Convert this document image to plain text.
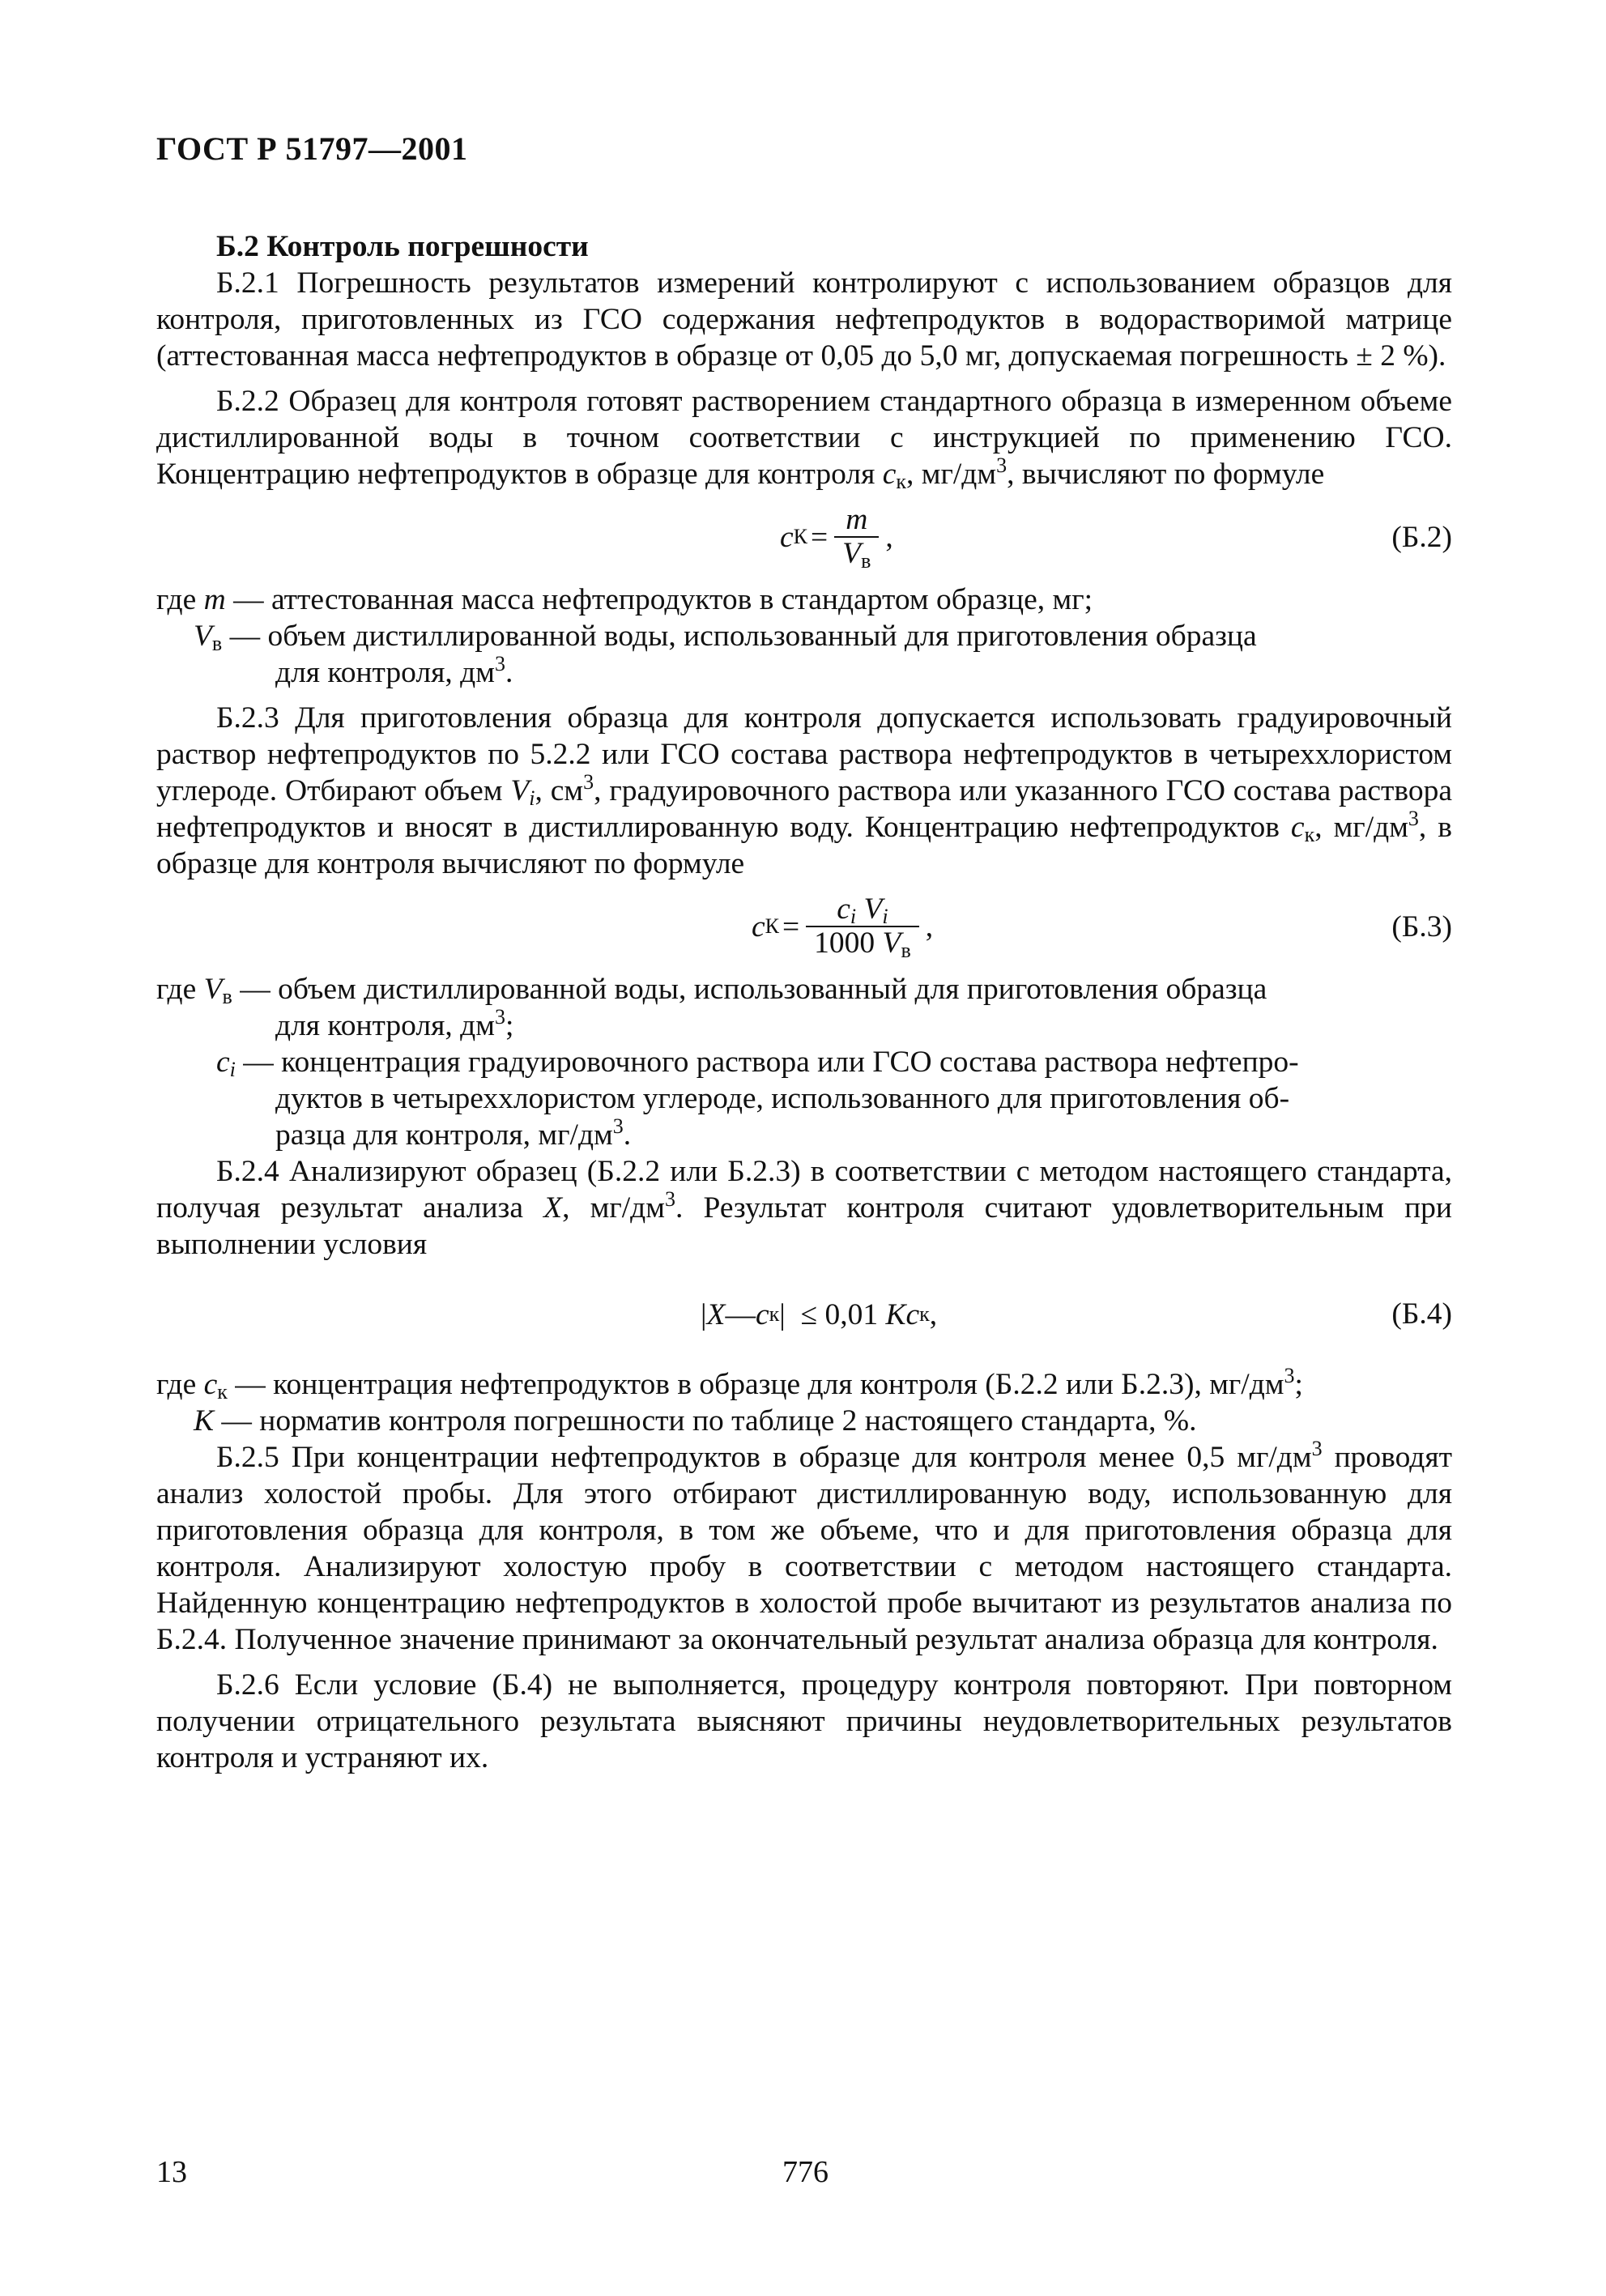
ГОСТ Р 51797—2001

Б.2 Контроль погрешности

Б.2.1 Погрешность результатов измерений контролируют с использованием образцов для контроля, приготовленных из ГСО содержания нефтепродуктов в водорастворимой матрице (аттестованная масса нефтепродуктов в образце от 0,05 до 5,0 мг, допускаемая погрешность ± 2 %).

Б.2.2 Образец для контроля готовят растворением стандартного образца в измеренном объеме дистиллированной воды в точном соответствии с инструкцией по применению ГСО. Концентрацию нефтепродуктов в образце для контроля $c_к$, $мг/дм^3$, вычисляют по формуле

c $К = \frac{m}{V_в}$ ,	(Б.2)

где m — аттестованная масса нефтепродуктов в стандартом образце, мг;

$V_в$ — объем дистиллированной воды, использованный для приготовления образца

для контроля, $дм^3$.

Б.2.3 Для приготовления образца для контроля допускается использовать градуировочный раствор нефтепродуктов по 5.2.2 или ГСО состава раствора нефтепродуктов в четыреххлористом углероде. Отбирают объем $V_i$, $см^3$, градуировочного раствора или указанного ГСО состава раствора нефтепродуктов и вносят в дистиллированную воду. Концентрацию нефтепродуктов $c_к$, $мг/дм^3$, в образце для контроля вычисляют по формуле

c $К = \frac{c_i V_i}{1000 V_в}$ ,	(Б.3)

где $V_в$ — объем дистиллированной воды, использованный для приготовления образца

для контроля, $дм^3$;

$c_i$ — концентрация градуировочного раствора или ГСО состава раствора нефтепро-

дуктов в четыреххлористом углероде, использованного для приготовления об-

разца для контроля, $мг/дм^3$.

Б.2.4 Анализируют образец (Б.2.2 или Б.2.3) в соответствии с методом настоящего стандарта, получая результат анализа X, $мг/дм^3$. Результат контроля считают удовлетворительным при выполнении условия

| X — c к |  ≤ 0,01 K c к ,	(Б.4)

где $c_к$ — концентрация нефтепродуктов в образце для контроля (Б.2.2 или Б.2.3), $мг/дм^3$;

K — норматив контроля погрешности по таблице 2 настоящего стандарта, %.

Б.2.5 При концентрации нефтепродуктов в образце для контроля менее 0,5 $мг/дм^3$ проводят анализ холостой пробы. Для этого отбирают дистиллированную воду, использованную для приготовления образца для контроля, в том же объеме, что и для приготовления образца для контроля. Анализируют холостую пробу в соответствии с методом настоящего стандарта. Найденную концентрацию нефтепродуктов в холостой пробе вычитают из результатов анализа по Б.2.4. Полученное значение принимают за окончательный результат анализа образца для контроля.

Б.2.6 Если условие (Б.4) не выполняется, процедуру контроля повторяют. При повторном получении отрицательного результата выясняют причины неудовлетворительных результатов контроля и устраняют их.

13	776
